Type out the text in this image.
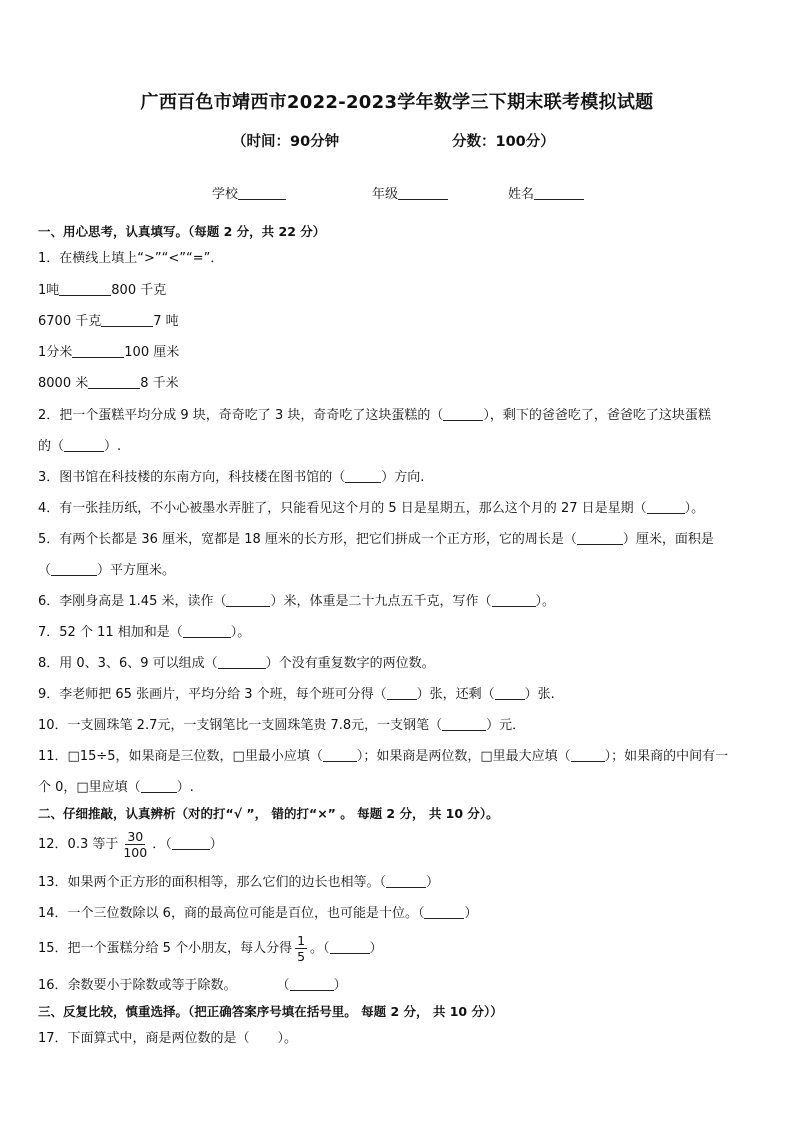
广西百色市靖西市2022-2023学年数学三下期末联考模拟试题
（时间：90分钟	分数：100分）
学校	年级	姓名
一、用心思考，认真填写。（每题 2 分，共 22 分）
1．在横线上填上“>”“<”“=”．
1吨	800 千克
6700 千克	7 吨
1分米	100 厘米
8000 米	8 千米
2．把一个蛋糕平均分成 9 块，奇奇吃了 3 块，奇奇吃了这块蛋糕的（	），剩下的爸爸吃了，爸爸吃了这块蛋糕
的（	）.
3．图书馆在科技楼的东南方向，科技楼在图书馆的（	）方向.
4．有一张挂历纸，不小心被墨水弄脏了，只能看见这个月的 5 日是星期五，那么这个月的 27 日是星期（	）。
5．有两个长都是 36 厘米，宽都是 18 厘米的长方形，把它们拼成一个正方形，它的周长是（	）厘米，面积是
（	）平方厘米。
6．李刚身高是 1.45 米，读作（	）米，体重是二十九点五千克，写作（	）。
7．52 个 11 相加和是（	）。
8．用 0、3、6、9 可以组成（	）个没有重复数字的两位数。
9．李老师把 65 张画片，平均分给 3 个班，每个班可分得（ ）张，还剩（ ）张.
10．一支圆珠笔 2.7元，一支钢笔比一支圆珠笔贵 7.8元，一支钢笔（	）元．
11．□15÷5，如果商是三位数，□里最小应填（	）；如果商是两位数，□里最大应填（	）；如果商的中间有一
个 0，□里应填（	）.
二、仔细推敲，认真辨析（对的打“√ ”， 错的打“×” 。 每题 2 分， 共 10 分）。
12．0.3 等于 $\frac{30}{100}$ ．（	）
13．如果两个正方形的面积相等，那么它们的边长也相等。（	）
14．一个三位数除以 6，商的最高位可能是百位，也可能是十位。（	）
15．把一个蛋糕分给 5 个小朋友，每人分得 $\frac{1}{5}$ 。（	）
16．余数要小于除数或等于除数。	（	）
三、反复比较，慎重选择。（把正确答案序号填在括号里。 每题 2 分， 共 10 分））
17．下面算式中，商是两位数的是（ ）。
